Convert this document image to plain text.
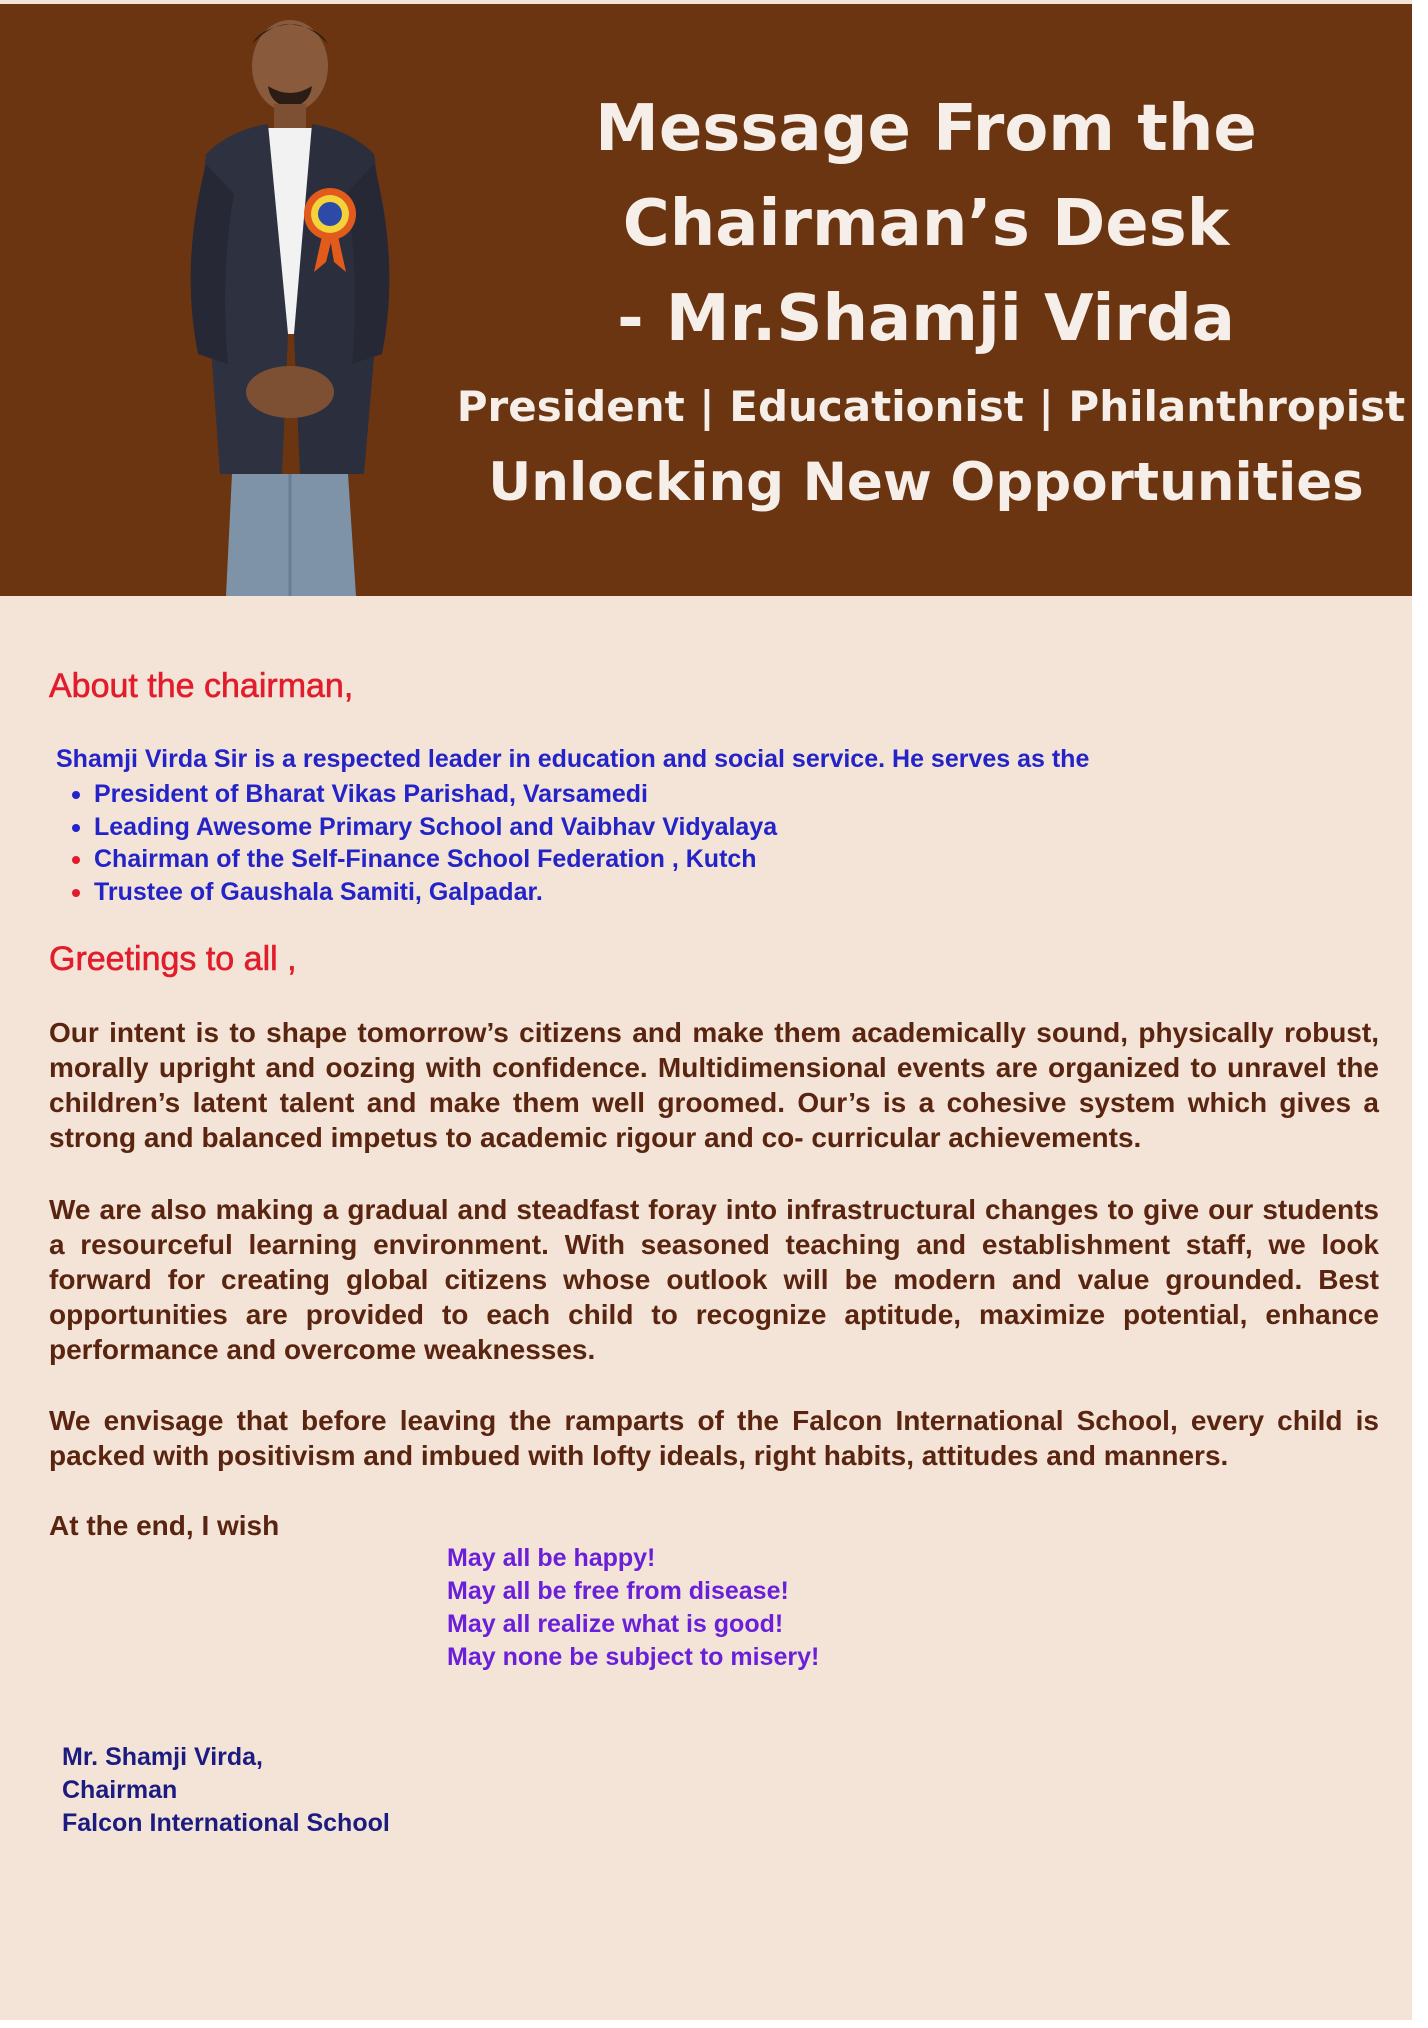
Message From the
Chairman’s Desk
- Mr.Shamji Virda
President | Educationist | Philanthropist
Unlocking New Opportunities
About the chairman,

Shamji Virda Sir is a respected leader in education and social service. He serves as the

President of Bharat Vikas Parishad, Varsamedi
Leading Awesome Primary School and Vaibhav Vidyalaya
Chairman of the Self-Finance School Federation , Kutch
Trustee of Gaushala Samiti, Galpadar.
Greetings to all ,

Our intent is to shape tomorrow’s citizens and make them academically sound, physically robust, morally upright and oozing with confidence. Multidimensional events are organized to unravel the children’s latent talent and make them well groomed. Our’s is a cohesive system which gives a strong and balanced impetus to academic rigour and co- curricular achievements.

We are also making a gradual and steadfast foray into infrastructural changes to give our students a resourceful learning environment. With seasoned teaching and establishment staff, we look forward for creating global citizens whose outlook will be modern and value grounded. Best opportunities are provided to each child to recognize aptitude, maximize potential, enhance performance and overcome weaknesses.

We envisage that before leaving the ramparts of the Falcon International School, every child is packed with positivism and imbued with lofty ideals, right habits, attitudes and manners.

At the end, I wish

May all be happy!
May all be free from disease!
May all realize what is good!
May none be subject to misery!
Mr. Shamji Virda,
Chairman
Falcon International School
